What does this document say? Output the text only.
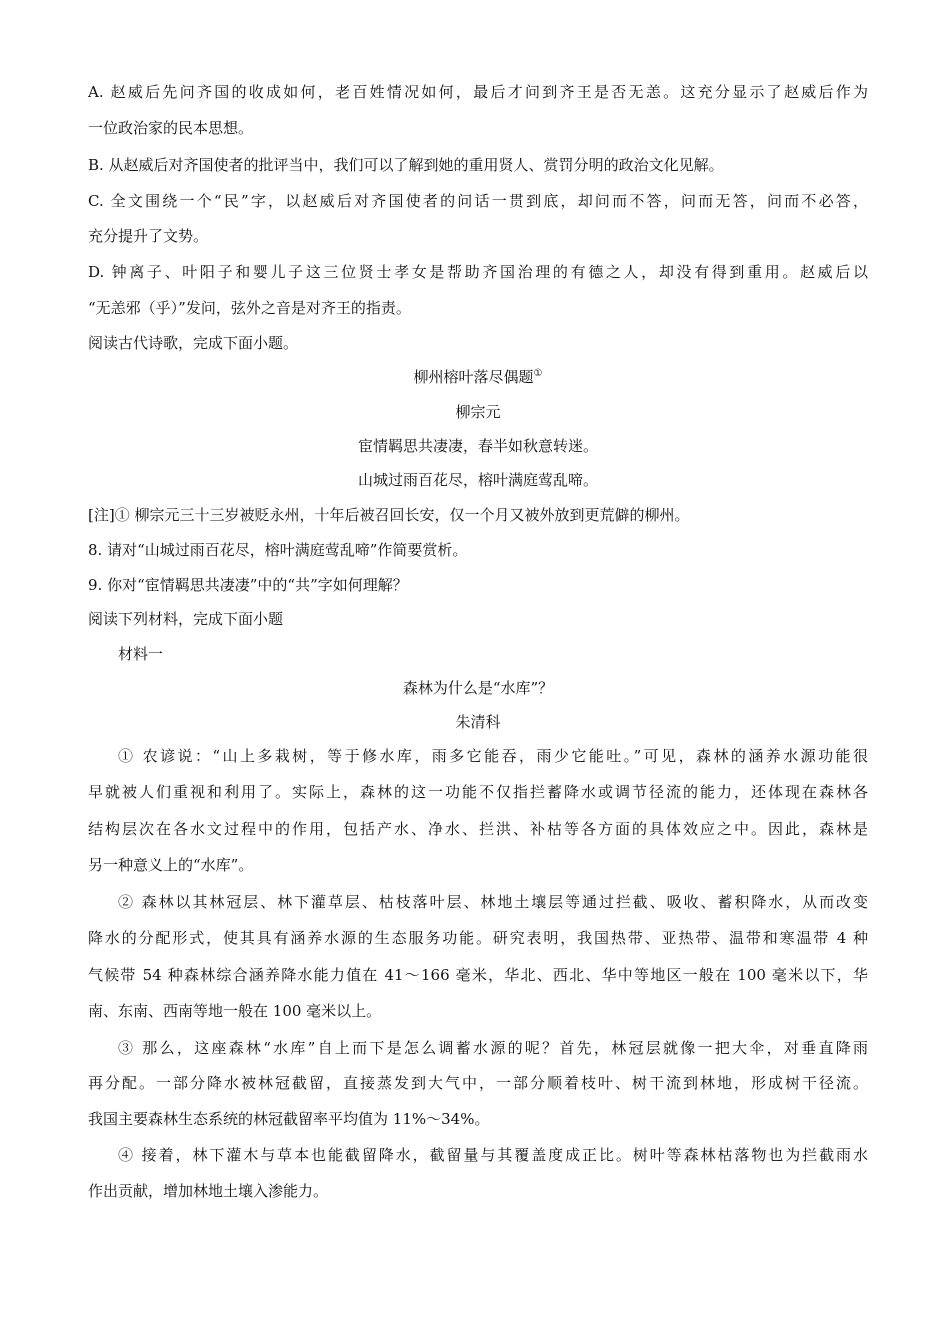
A. 赵威后先问齐国的收成如何，老百姓情况如何，最后才问到齐王是否无恙。这充分显示了赵威后作为
一位政治家的民本思想。
B. 从赵威后对齐国使者的批评当中，我们可以了解到她的重用贤人、赏罚分明的政治文化见解。
C. 全文围绕一个“民”字，以赵威后对齐国使者的问话一贯到底，却问而不答，问而无答，问而不必答，
充分提升了文势。
D. 钟离子、叶阳子和婴儿子这三位贤士孝女是帮助齐国治理的有德之人，却没有得到重用。赵威后以
“无恙邪（乎）”发问，弦外之音是对齐王的指责。
阅读古代诗歌，完成下面小题。
柳州榕叶落尽偶题①
柳宗元
宦情羁思共凄凄，春半如秋意转迷。
山城过雨百花尽，榕叶满庭莺乱啼。
[注]① 柳宗元三十三岁被贬永州，十年后被召回长安，仅一个月又被外放到更荒僻的柳州。
8. 请对“山城过雨百花尽，榕叶满庭莺乱啼”作简要赏析。
9. 你对“宦情羁思共凄凄”中的“共”字如何理解？
阅读下列材料，完成下面小题
材料一
森林为什么是“水库”？
朱清科
① 农谚说：“山上多栽树，等于修水库，雨多它能吞，雨少它能吐。”可见，森林的涵养水源功能很
早就被人们重视和利用了。实际上，森林的这一功能不仅指拦蓄降水或调节径流的能力，还体现在森林各
结构层次在各水文过程中的作用，包括产水、净水、拦洪、补枯等各方面的具体效应之中。因此，森林是
另一种意义上的“水库”。
② 森林以其林冠层、林下灌草层、枯枝落叶层、林地土壤层等通过拦截、吸收、蓄积降水，从而改变
降水的分配形式，使其具有涵养水源的生态服务功能。研究表明，我国热带、亚热带、温带和寒温带 4 种
气候带 54 种森林综合涵养降水能力值在 41～166 毫米，华北、西北、华中等地区一般在 100 毫米以下，华
南、东南、西南等地一般在 100 毫米以上。
③ 那么，这座森林“水库”自上而下是怎么调蓄水源的呢？首先，林冠层就像一把大伞，对垂直降雨
再分配。一部分降水被林冠截留，直接蒸发到大气中，一部分顺着枝叶、树干流到林地，形成树干径流。
我国主要森林生态系统的林冠截留率平均值为 11%～34%。
④ 接着，林下灌木与草本也能截留降水，截留量与其覆盖度成正比。树叶等森林枯落物也为拦截雨水
作出贡献，增加林地土壤入渗能力。
